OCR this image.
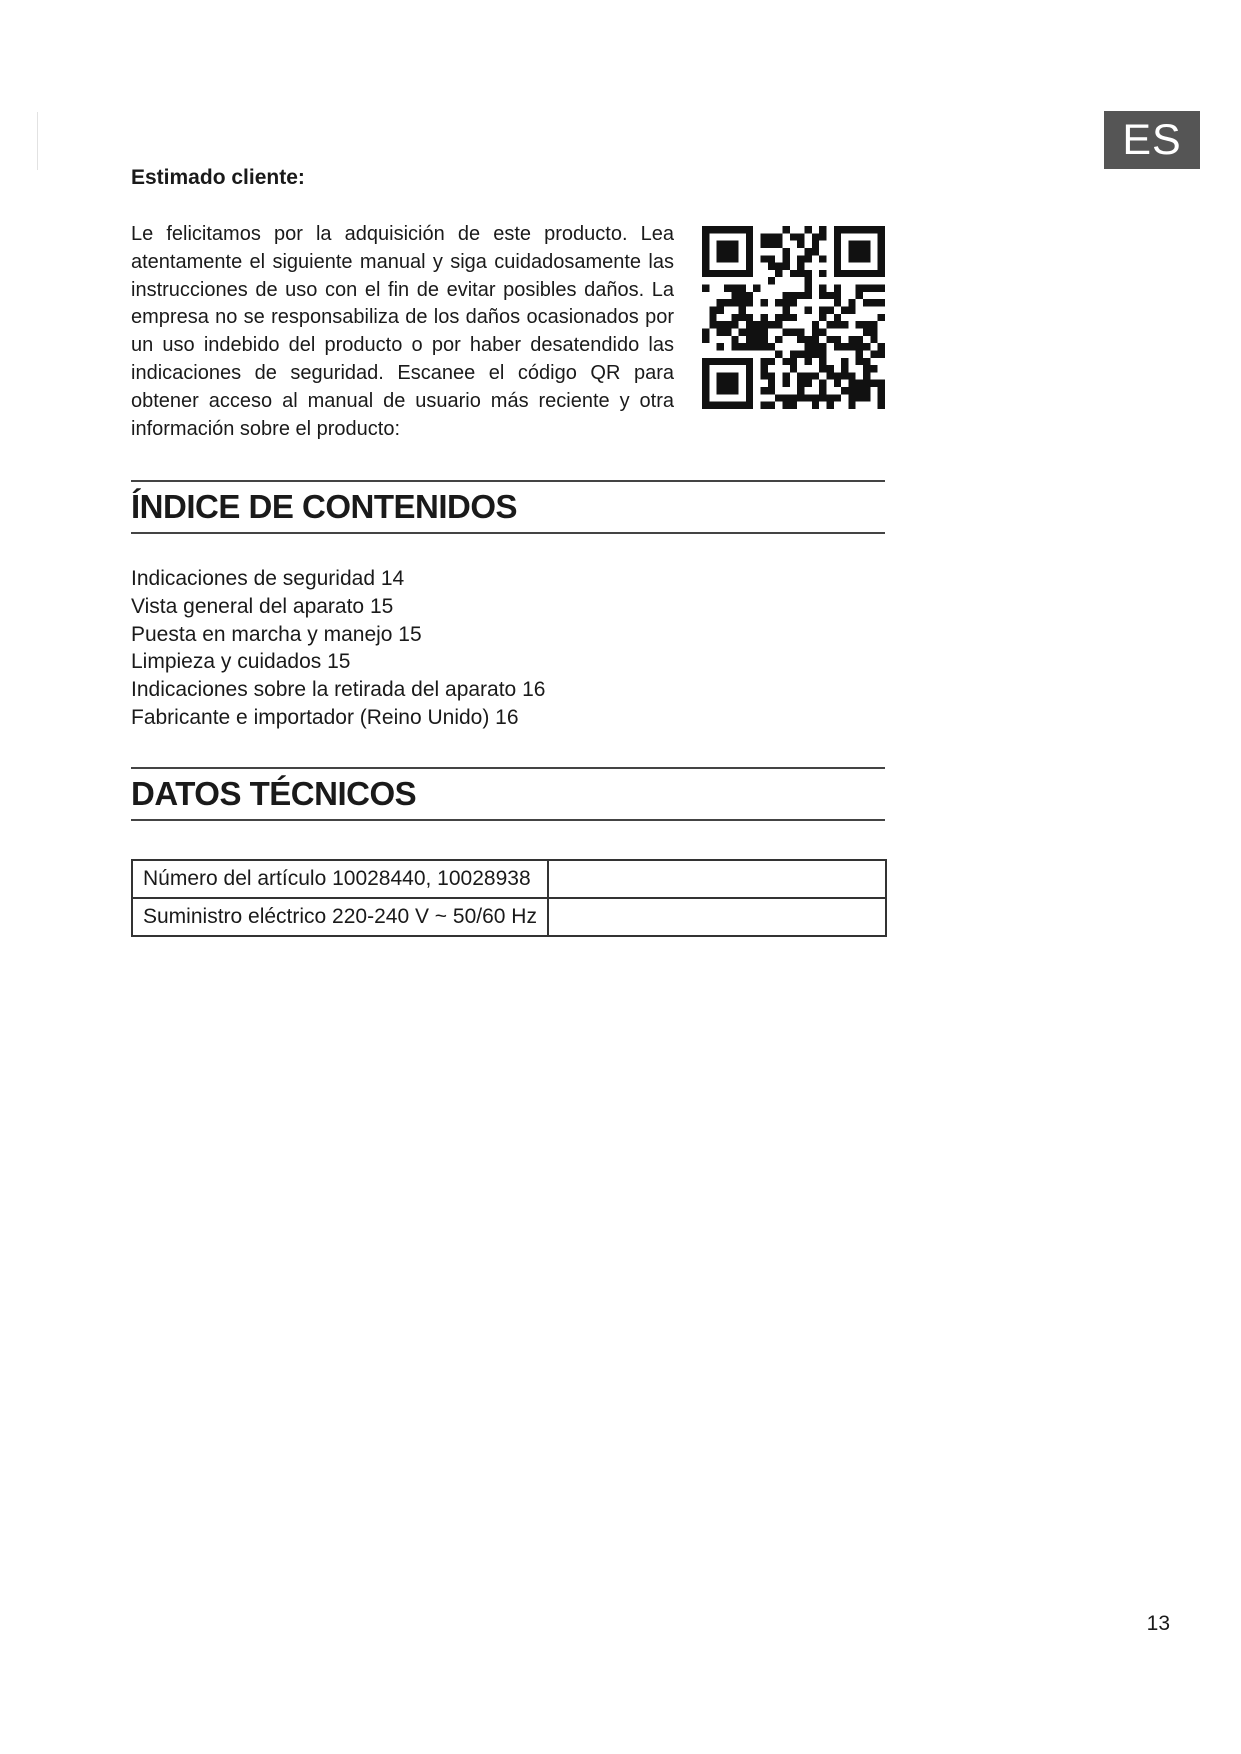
ES
Estimado cliente:

Le felicitamos por la adquisición de este producto. Lea atentamente el siguiente manual y siga cuidadosamente las instrucciones de uso con el fin de evitar posibles daños. La empresa no se responsabiliza de los daños ocasionados por un uso indebido del producto o por haber desatendido las indicaciones de seguridad. Escanee el código QR para obtener acceso al manual de usuario más reciente y otra información sobre el producto:

ÍNDICE DE CONTENIDOS
Indicaciones de seguridad 14
Vista general del aparato 15
Puesta en marcha y manejo 15
Limpieza y cuidados 15
Indicaciones sobre la retirada del aparato 16
Fabricante e importador (Reino Unido) 16
DATOS TÉCNICOS
Número del artículo 10028440, 10028938	
Suministro eléctrico 220-240 V ~ 50/60 Hz	
13
